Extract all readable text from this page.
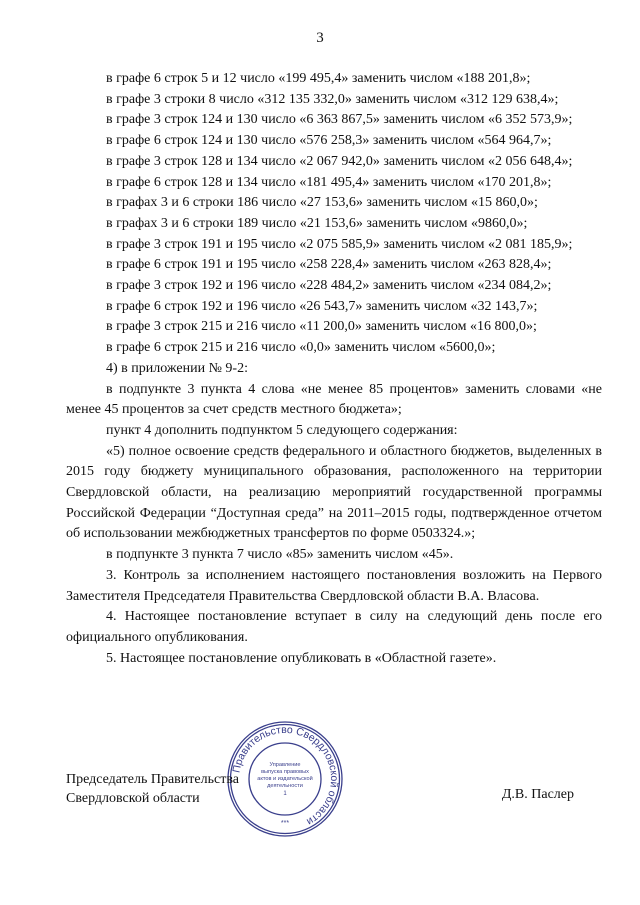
3

в графе 6 строк 5 и 12 число «199 495,4» заменить числом «188 201,8»;

в графе 3 строки 8 число «312 135 332,0» заменить числом «312 129 638,4»;

в графе 3 строк 124 и 130 число «6 363 867,5» заменить числом «6 352 573,9»;

в графе 6 строк 124 и 130 число «576 258,3» заменить числом «564 964,7»;

в графе 3 строк 128 и 134 число «2 067 942,0» заменить числом «2 056 648,4»;

в графе 6 строк 128 и 134 число «181 495,4» заменить числом «170 201,8»;

в графах 3 и 6 строки 186 число «27 153,6» заменить числом «15 860,0»;

в графах 3 и 6 строки 189 число «21 153,6» заменить числом «9860,0»;

в графе 3 строк 191 и 195 число «2 075 585,9» заменить числом «2 081 185,9»;

в графе 6 строк 191 и 195 число «258 228,4» заменить числом «263 828,4»;

в графе 3 строк 192 и 196 число «228 484,2» заменить числом «234 084,2»;

в графе 6 строк 192 и 196 число «26 543,7» заменить числом «32 143,7»;

в графе 3 строк 215 и 216 число «11 200,0» заменить числом «16 800,0»;

в графе 6 строк 215 и 216 число «0,0» заменить числом «5600,0»;

4) в приложении № 9-2:

в подпункте 3 пункта 4 слова «не менее 85 процентов» заменить словами «не менее 45 процентов за счет средств местного бюджета»;

пункт 4 дополнить подпунктом 5 следующего содержания:

«5) полное освоение средств федерального и областного бюджетов, выделенных в 2015 году бюджету муниципального образования, расположенного на территории Свердловской области, на реализацию мероприятий государственной программы Российской Федерации “Доступная среда” на 2011–2015 годы, подтвержденное отчетом об использовании межбюджетных трансфертов по форме 0503324.»;

в подпункте 3 пункта 7 число «85» заменить числом «45».

3. Контроль за исполнением настоящего постановления возложить на Первого Заместителя Председателя Правительства Свердловской области В.А. Власова.

4. Настоящее постановление вступает в силу на следующий день после его официального опубликования.

5. Настоящее постановление опубликовать в «Областной газете».

Правительство Свердловской области
Управление
выпуска правовых
актов и издательской
деятельности
1
***
Председатель Правительства
Свердловской области	Д.В. Паслер
